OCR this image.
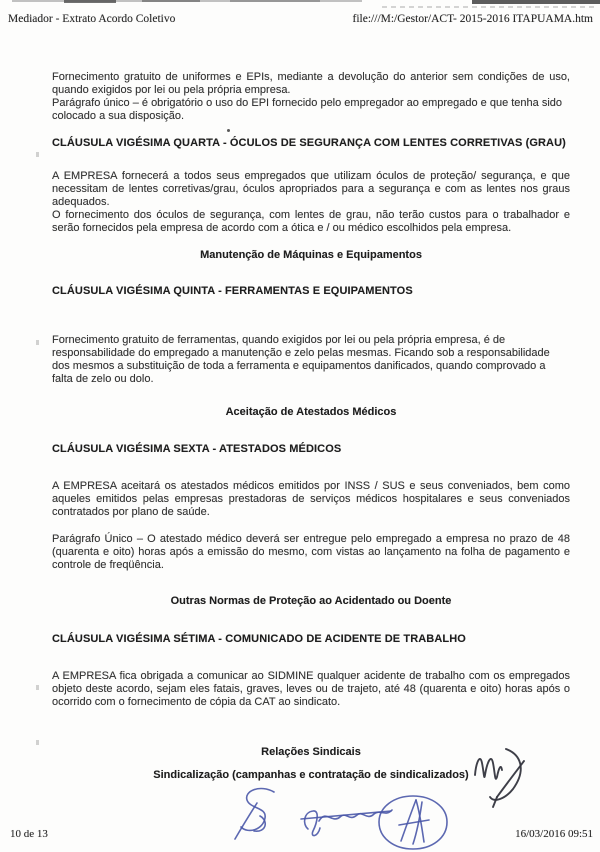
Mediador - Extrato Acordo Coletivo	file:///M:/Gestor/ACT- 2015-2016 ITAPUAMA.htm

Fornecimento gratuito de uniformes e EPIs, mediante a devolução do anterior sem condições de uso, quando exigidos por lei ou pela própria empresa.

Parágrafo único – é obrigatório o uso do EPI fornecido pelo empregador ao empregado e que tenha sido colocado a sua disposição.

CLÁUSULA VIGÉSIMA QUARTA - ÓCULOS DE SEGURANÇA COM LENTES CORRETIVAS (GRAU)

A EMPRESA fornecerá a todos seus empregados que utilizam óculos de proteção/ segurança, e que necessitam de lentes corretivas/grau, óculos apropriados para a segurança e com as lentes nos graus adequados.

O fornecimento dos óculos de segurança, com lentes de grau, não terão custos para o trabalhador e serão fornecidos pela empresa de acordo com a ótica e / ou médico escolhidos pela empresa.

Manutenção de Máquinas e Equipamentos
CLÁUSULA VIGÉSIMA QUINTA - FERRAMENTAS E EQUIPAMENTOS
Fornecimento gratuito de ferramentas, quando exigidos por lei ou pela própria empresa, é de responsabilidade do empregado a manutenção e zelo pelas mesmas. Ficando sob a responsabilidade dos mesmos a substituição de toda a ferramenta e equipamentos danificados, quando comprovado a falta de zelo ou dolo.
Aceitação de Atestados Médicos
CLÁUSULA VIGÉSIMA SEXTA - ATESTADOS MÉDICOS
A EMPRESA aceitará os atestados médicos emitidos por INSS / SUS e seus conveniados, bem como aqueles emitidos pelas empresas prestadoras de serviços médicos hospitalares e seus conveniados contratados por plano de saúde.
Parágrafo Único – O atestado médico deverá ser entregue pelo empregado a empresa no prazo de 48 (quarenta e oito) horas após a emissão do mesmo, com vistas ao lançamento na folha de pagamento e controle de freqüência.
Outras Normas de Proteção ao Acidentado ou Doente
CLÁUSULA VIGÉSIMA SÉTIMA - COMUNICADO DE ACIDENTE DE TRABALHO
A EMPRESA fica obrigada a comunicar ao SIDMINE qualquer acidente de trabalho com os empregados objeto deste acordo, sejam eles fatais, graves, leves ou de trajeto, até 48 (quarenta e oito) horas após o ocorrido com o fornecimento de cópia da CAT ao sindicato.
Relações Sindicais
Sindicalização (campanhas e contratação de sindicalizados)
10 de 13	16/03/2016 09:51
